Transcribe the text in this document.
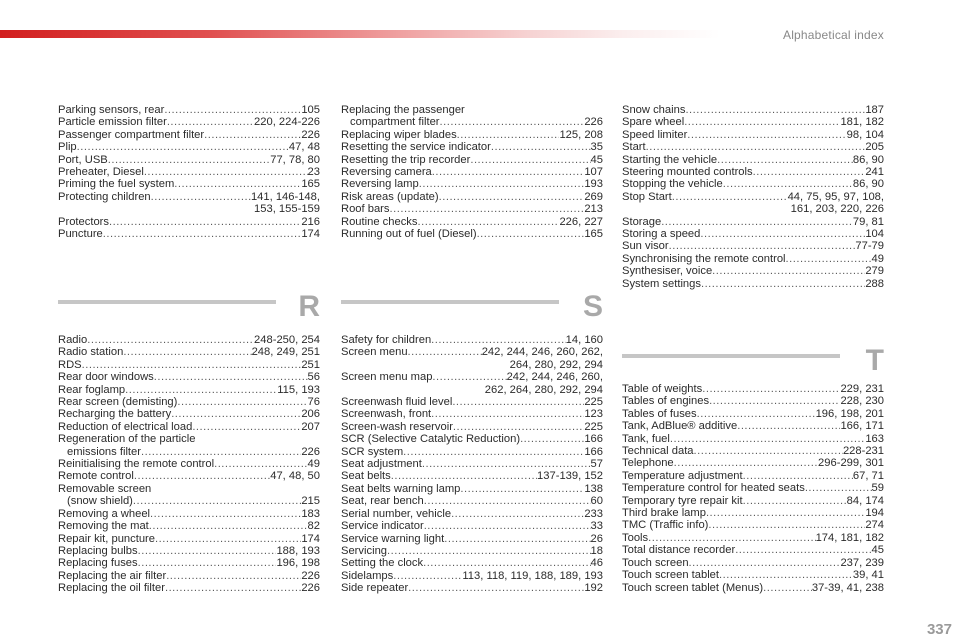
Alphabetical index
Parking sensors, rear .....	105
Particle emission filter .....	220, 224-226
Passenger compartment filter .....	226
Plip .....	47, 48
Port, USB .....	77, 78, 80
Preheater, Diesel .....	23
Priming the fuel system .....	165
Protecting children .....	141, 146-148,
153, 155-159
Protectors .....	216
Puncture .....	174
Replacing the passenger
compartment filter .....	226
Replacing wiper blades .....	125, 208
Resetting the service indicator .....	35
Resetting the trip recorder .....	45
Reversing camera .....	107
Reversing lamp .....	193
Risk areas (update) .....	269
Roof bars .....	213
Routine checks .....	226, 227
Running out of fuel (Diesel) .....	165
Snow chains .....	187
Spare wheel .....	181, 182
Speed limiter .....	98, 104
Start .....	205
Starting the vehicle .....	86, 90
Steering mounted controls .....	241
Stopping the vehicle .....	86, 90
Stop Start .....	44, 75, 95, 97, 108,
161, 203, 220, 226
Storage .....	79, 81
Storing a speed .....	104
Sun visor .....	77-79
Synchronising the remote control .....	49
Synthesiser, voice .....	279
System settings .....	288
R	S
T
Radio .....	248-250, 254
Radio station .....	248, 249, 251
RDS .....	251
Rear door windows .....	56
Rear foglamp .....	115, 193
Rear screen (demisting) .....	76
Recharging the battery .....	206
Reduction of electrical load .....	207
Regeneration of the particle
emissions filter .....	226
Reinitialising the remote control .....	49
Remote control .....	47, 48, 50
Removable screen
(snow shield) .....	215
Removing a wheel .....	183
Removing the mat .....	82
Repair kit, puncture .....	174
Replacing bulbs .....	188, 193
Replacing fuses .....	196, 198
Replacing the air filter .....	226
Replacing the oil filter .....	226
Safety for children .....	14, 160
Screen menu .....	242, 244, 246, 260, 262,
264, 280, 292, 294
Screen menu map .....	242, 244, 246, 260,
262, 264, 280, 292, 294
Screenwash fluid level .....	225
Screenwash, front .....	123
Screen-wash reservoir .....	225
SCR (Selective Catalytic Reduction) .....	166
SCR system .....	166
Seat adjustment .....	57
Seat belts .....	137-139, 152
Seat belts warning lamp .....	138
Seat, rear bench .....	60
Serial number, vehicle .....	233
Service indicator .....	33
Service warning light .....	26
Servicing .....	18
Setting the clock .....	46
Sidelamps .....	113, 118, 119, 188, 189, 193
Side repeater .....	192
Table of weights .....	229, 231
Tables of engines .....	228, 230
Tables of fuses .....	196, 198, 201
Tank, AdBlue® additive .....	166, 171
Tank, fuel .....	163
Technical data .....	228-231
Telephone .....	296-299, 301
Temperature adjustment .....	67, 71
Temperature control for heated seats .....	59
Temporary tyre repair kit .....	84, 174
Third brake lamp .....	194
TMC (Traffic info) .....	274
Tools .....	174, 181, 182
Total distance recorder .....	45
Touch screen .....	237, 239
Touch screen tablet .....	39, 41
Touch screen tablet (Menus) .....	37-39, 41, 238
337
